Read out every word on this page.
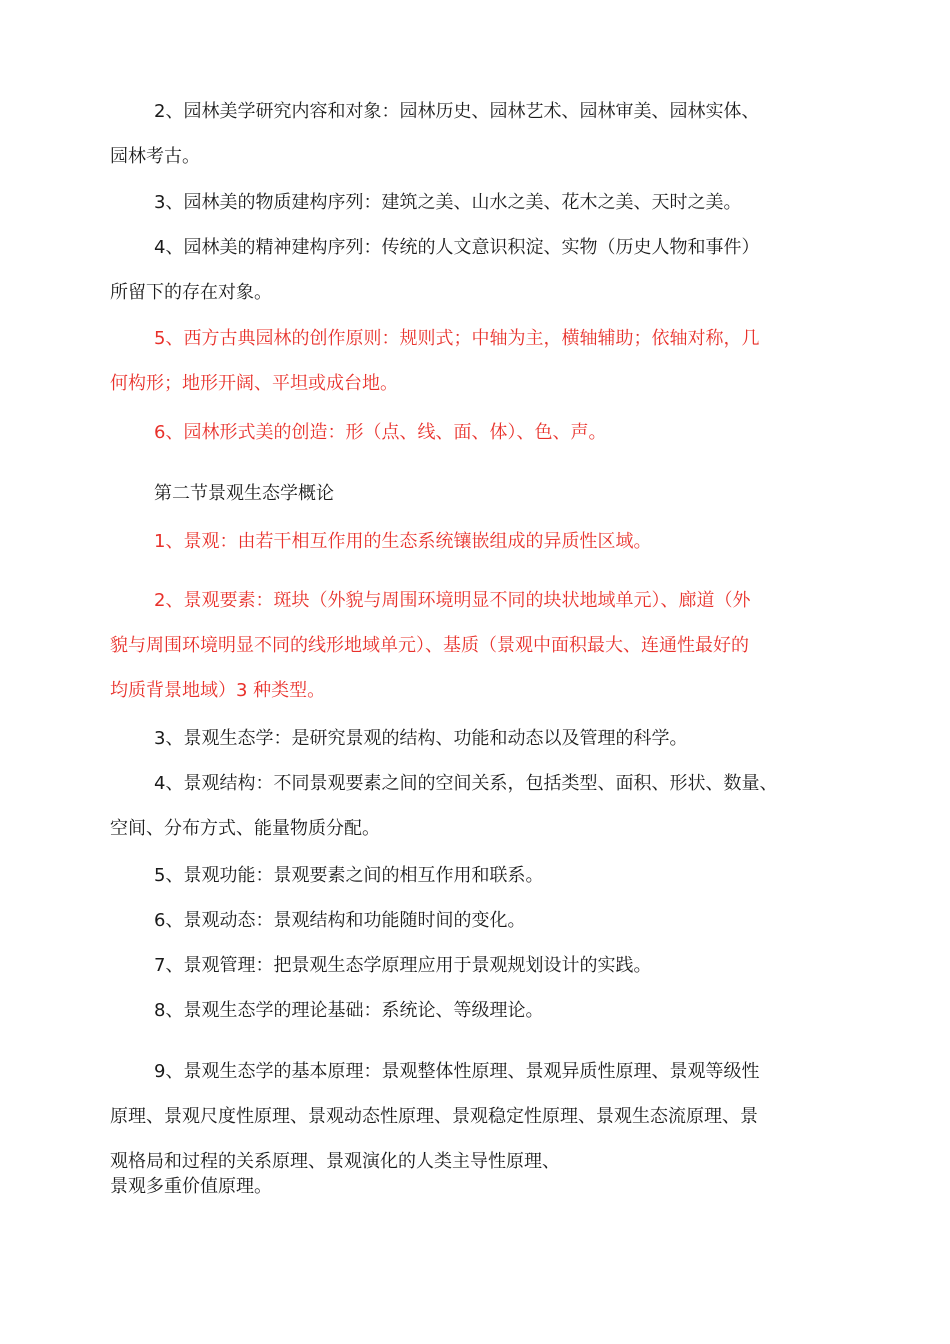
2、园林美学研究内容和对象：园林历史、园林艺术、园林审美、园林实体、
园林考古。
3、园林美的物质建构序列：建筑之美、山水之美、花木之美、天时之美。
4、园林美的精神建构序列：传统的人文意识积淀、实物（历史人物和事件）
所留下的存在对象。
5、西方古典园林的创作原则：规则式；中轴为主，横轴辅助；依轴对称，几
何构形；地形开阔、平坦或成台地。
6、园林形式美的创造：形（点、线、面、体）、色、声。
第二节景观生态学概论
1、景观：由若干相互作用的生态系统镶嵌组成的异质性区域。
2、景观要素：斑块（外貌与周围环境明显不同的块状地域单元）、廊道（外
貌与周围环境明显不同的线形地域单元）、基质（景观中面积最大、连通性最好的
均质背景地域）3 种类型。
3、景观生态学：是研究景观的结构、功能和动态以及管理的科学。
4、景观结构：不同景观要素之间的空间关系，包括类型、面积、形状、数量、
空间、分布方式、能量物质分配。
5、景观功能：景观要素之间的相互作用和联系。
6、景观动态：景观结构和功能随时间的变化。
7、景观管理：把景观生态学原理应用于景观规划设计的实践。
8、景观生态学的理论基础：系统论、等级理论。
9、景观生态学的基本原理：景观整体性原理、景观异质性原理、景观等级性
原理、景观尺度性原理、景观动态性原理、景观稳定性原理、景观生态流原理、景
观格局和过程的关系原理、景观演化的人类主导性原理、
景观多重价值原理。
